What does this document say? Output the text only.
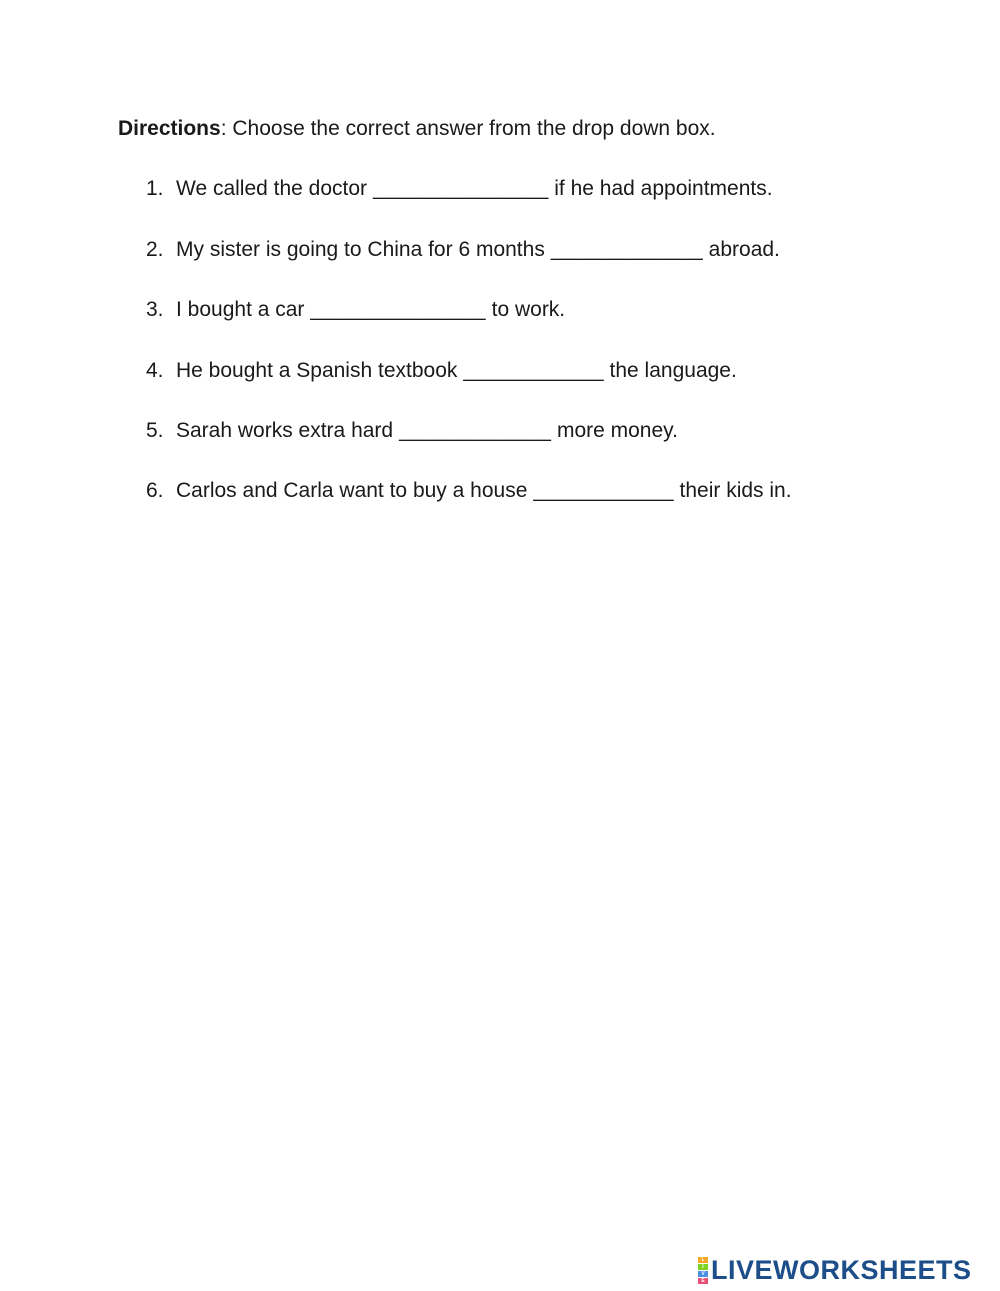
Directions: Choose the correct answer from the drop down box.
1. We called the doctor _______________ if he had appointments.
2. My sister is going to China for 6 months _____________ abroad.
3. I bought a car _______________ to work.
4. He bought a Spanish textbook ____________ the language.
5. Sarah works extra hard _____________ more money.
6. Carlos and Carla want to buy a house ____________ their kids in.
L
I
V
E LIVEWORKSHEETS
